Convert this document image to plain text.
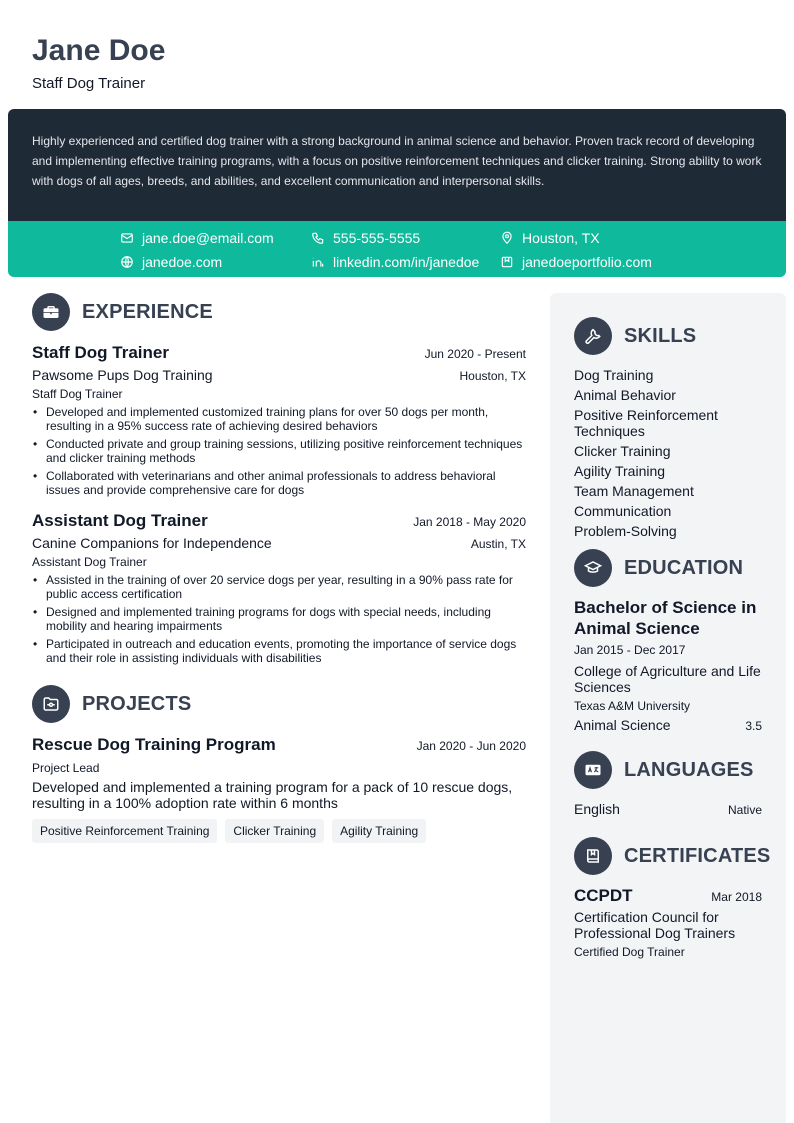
Jane Doe
Staff Dog Trainer

Highly experienced and certified dog trainer with a strong background in animal science and behavior. Proven track record of developing and implementing effective training programs, with a focus on positive reinforcement techniques and clicker training. Strong ability to work with dogs of all ages, breeds, and abilities, and excellent communication and interpersonal skills.

jane.doe@email.com	555-555-5555	Houston, TX
janedoe.com	linkedin.com/in/janedoe	janedoeportfolio.com
EXPERIENCE
Staff Dog Trainer	Jun 2020 - Present
Pawsome Pups Dog Training	Houston, TX
Staff Dog Trainer
• Developed and implemented customized training plans for over 50 dogs per month, resulting in a 95% success rate of achieving desired behaviors
• Conducted private and group training sessions, utilizing positive reinforcement techniques and clicker training methods
• Collaborated with veterinarians and other animal professionals to address behavioral issues and provide comprehensive care for dogs
Assistant Dog Trainer	Jan 2018 - May 2020
Canine Companions for Independence	Austin, TX
Assistant Dog Trainer
• Assisted in the training of over 20 service dogs per year, resulting in a 90% pass rate for public access certification
• Designed and implemented training programs for dogs with special needs, including mobility and hearing impairments
• Participated in outreach and education events, promoting the importance of service dogs and their role in assisting individuals with disabilities
PROJECTS
Rescue Dog Training Program	Jan 2020 - Jun 2020
Project Lead
Developed and implemented a training program for a pack of 10 rescue dogs, resulting in a 100% adoption rate within 6 months
Positive Reinforcement Training	Clicker Training	Agility Training
SKILLS
Dog Training
Animal Behavior
Positive Reinforcement Techniques
Clicker Training
Agility Training
Team Management
Communication
Problem-Solving
EDUCATION
Bachelor of Science in Animal Science
Jan 2015 - Dec 2017
College of Agriculture and Life Sciences
Texas A&M University
Animal Science	3.5
LANGUAGES
English	Native
CERTIFICATES
CCPDT	Mar 2018
Certification Council for Professional Dog Trainers
Certified Dog Trainer
